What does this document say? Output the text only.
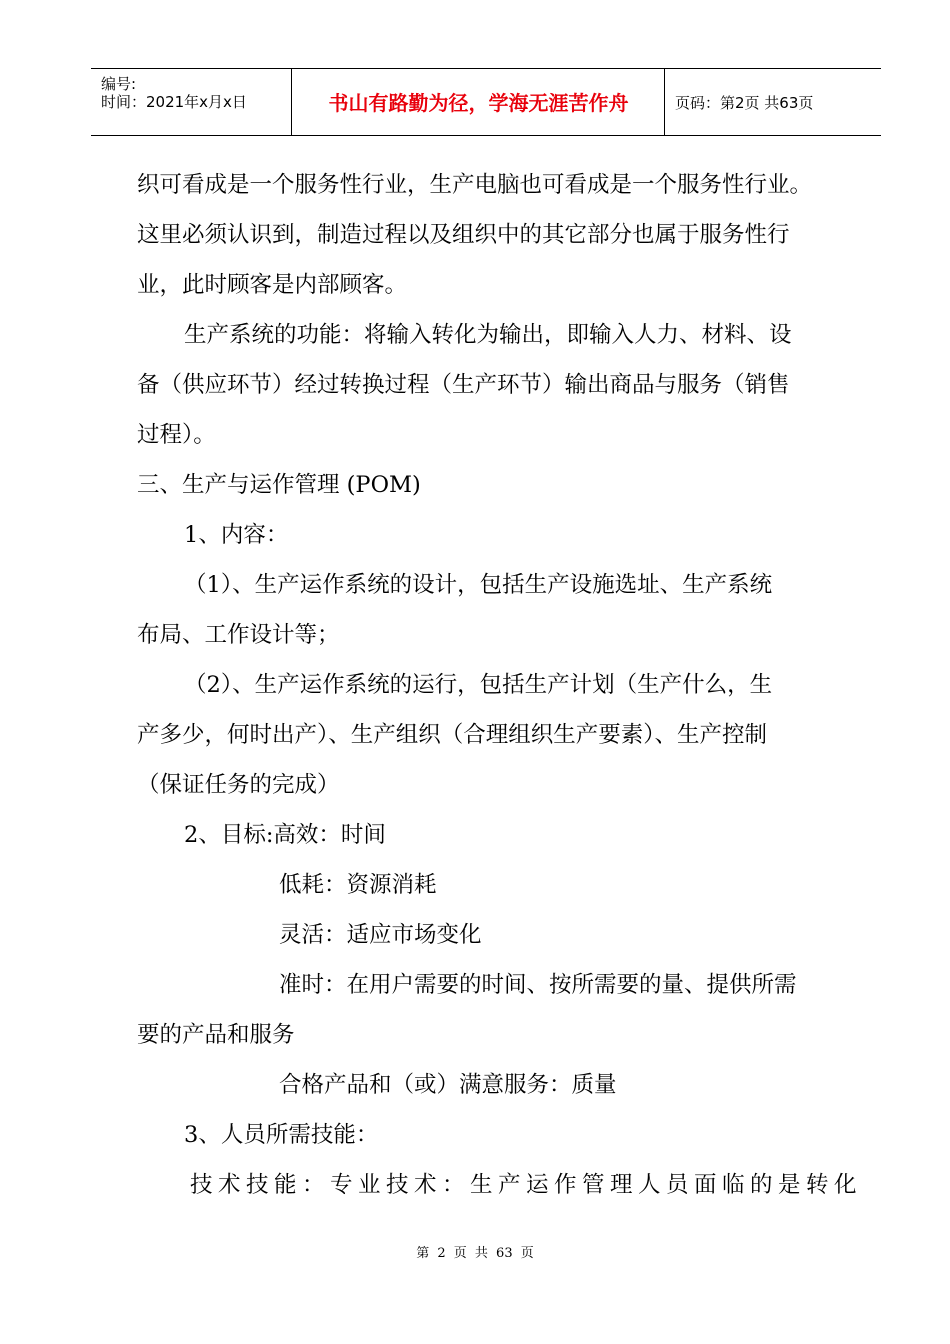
编号:
时间：2021年x月x日	书山有路勤为径，学海无涯苦作舟	页码：第2页 共63页
织可看成是一个服务性行业，生产电脑也可看成是一个服务性行业。
这里必须认识到，制造过程以及组织中的其它部分也属于服务性行
业，此时顾客是内部顾客。
生产系统的功能：将输入转化为输出，即输入人力、材料、设
备（供应环节）经过转换过程（生产环节）输出商品与服务（销售
过程）。
三、生产与运作管理 (POM)
1、内容：
（1）、生产运作系统的设计，包括生产设施选址、生产系统
布局、工作设计等；
（2）、生产运作系统的运行，包括生产计划（生产什么，生
产多少，何时出产）、生产组织（合理组织生产要素）、生产控制
（保证任务的完成）
2、目标:高效：时间
低耗：资源消耗
灵活：适应市场变化
准时：在用户需要的时间、按所需要的量、提供所需
要的产品和服务
合格产品和（或）满意服务：质量
3、人员所需技能：
技术技能：专业技术：生产运作管理人员面临的是转化
第 2 页 共 63 页
